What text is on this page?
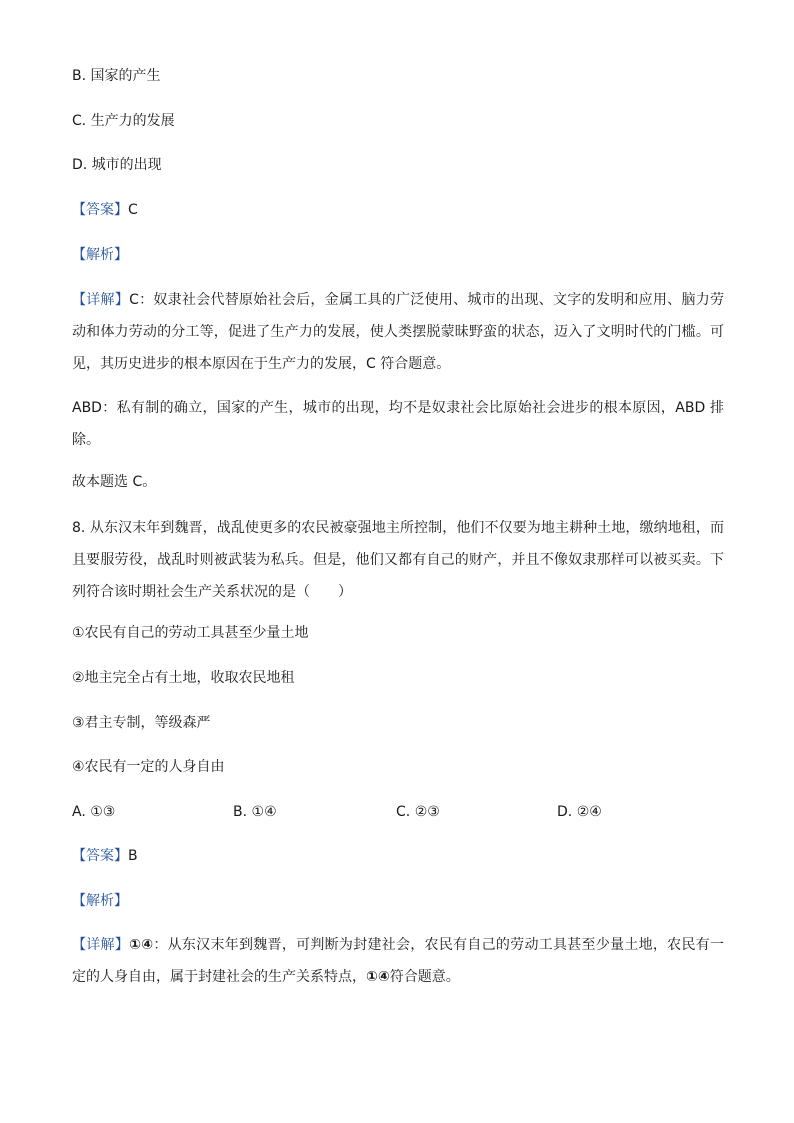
B. 国家的产生
C. 生产力的发展
D. 城市的出现
【答案】C
【解析】
【详解】C：奴隶社会代替原始社会后，金属工具的广泛使用、城市的出现、文字的发明和应用、脑力劳动和体力劳动的分工等，促进了生产力的发展，使人类摆脱蒙昧野蛮的状态，迈入了文明时代的门槛。可见，其历史进步的根本原因在于生产力的发展，C 符合题意。
ABD：私有制的确立，国家的产生，城市的出现，均不是奴隶社会比原始社会进步的根本原因，ABD 排除。
故本题选 C。
8. 从东汉末年到魏晋，战乱使更多的农民被豪强地主所控制，他们不仅要为地主耕种土地，缴纳地租，而且要服劳役，战乱时则被武装为私兵。但是，他们又都有自己的财产，并且不像奴隶那样可以被买卖。下列符合该时期社会生产关系状况的是（　　）
①农民有自己的劳动工具甚至少量土地
②地主完全占有土地，收取农民地租
③君主专制，等级森严
④农民有一定的人身自由
A. ①③	B. ①④	C. ②③	D. ②④
【答案】B
【解析】
【详解】①④：从东汉末年到魏晋，可判断为封建社会，农民有自己的劳动工具甚至少量土地，农民有一定的人身自由，属于封建社会的生产关系特点，①④符合题意。
